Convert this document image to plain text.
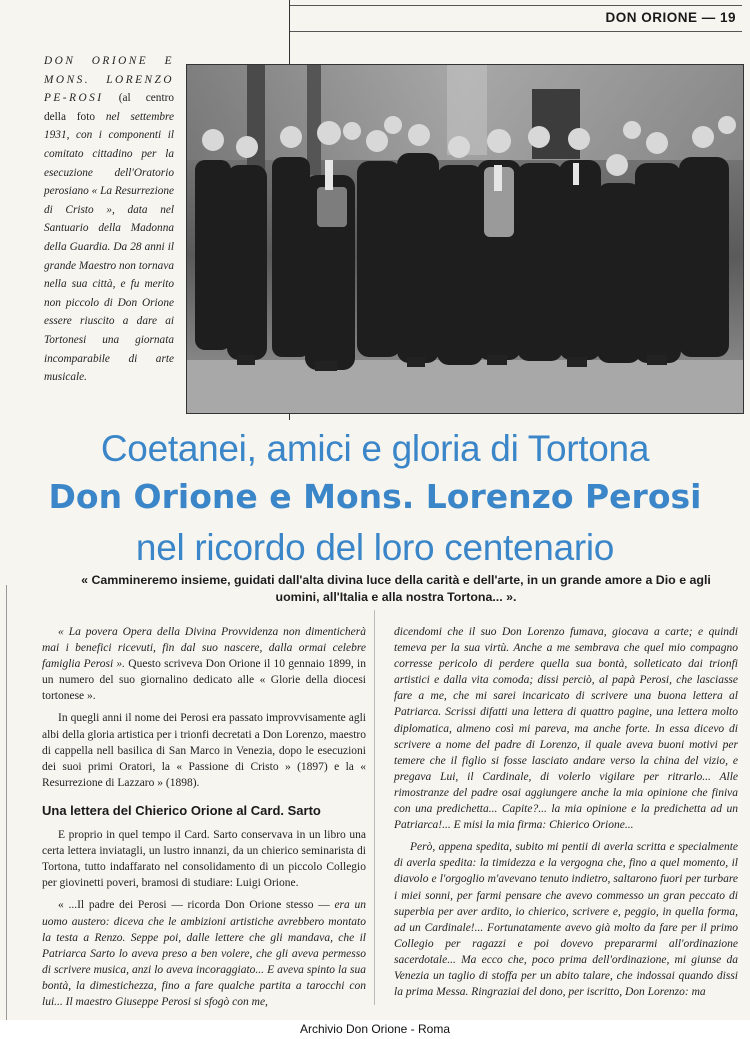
DON ORIONE — 19
DON ORIONE E MONS. LORENZO PE-ROSI (al centro della foto nel settembre 1931, con i componenti il comitato cittadino per la esecuzione dell'Oratorio perosiano « La Resurrezione di Cristo », data nel Santuario della Madonna della Guardia. Da 28 anni il grande Maestro non tornava nella sua città, e fu merito non piccolo di Don Orione essere riuscito a dare ai Tortonesi una giornata incomparabile di arte musicale.
Coetanei, amici e gloria di Tortona
Don Orione e Mons. Lorenzo Perosi
nel ricordo del loro centenario
« Cammineremo insieme, guidati dall'alta divina luce della carità e dell'arte, in un grande amore a Dio e agli uomini, all'Italia e alla nostra Tortona... ».

« La povera Opera della Divina Provvidenza non dimenticherà mai i benefici ricevuti, fin dal suo nascere, dalla ormai celebre famiglia Perosi ». Questo scriveva Don Orione il 10 gennaio 1899, in un numero del suo giornalino dedicato alle « Glorie della diocesi tortonese ».

In quegli anni il nome dei Perosi era passato improvvisamente agli albi della gloria artistica per i trionfi decretati a Don Lorenzo, maestro di cappella nell basilica di San Marco in Venezia, dopo le esecuzioni dei suoi primi Oratori, la « Passione di Cristo » (1897) e la « Resurrezione di Lazzaro » (1898).

Una lettera del Chierico Orione al Card. Sarto

E proprio in quel tempo il Card. Sarto conservava in un libro una certa lettera inviatagli, un lustro innanzi, da un chierico seminarista di Tortona, tutto indaffarato nel consolidamento di un piccolo Collegio per giovinetti poveri, bramosi di studiare: Luigi Orione.

« ...Il padre dei Perosi — ricorda Don Orione stesso — era un uomo austero: diceva che le ambizioni artistiche avrebbero montato la testa a Renzo. Seppe poi, dalle lettere che gli mandava, che il Patriarca Sarto lo aveva preso a ben volere, che gli aveva permesso di scrivere musica, anzi lo aveva incoraggiato... E aveva spinto la sua bontà, la dimestichezza, fino a fare qualche partita a tarocchi con lui... Il maestro Giuseppe Perosi si sfogò con me,

dicendomi che il suo Don Lorenzo fumava, giocava a carte; e quindi temeva per la sua virtù. Anche a me sembrava che quel mio compagno corresse pericolo di perdere quella sua bontà, solleticato dai trionfi artistici e dalla vita comoda; dissi perciò, al papà Perosi, che lasciasse fare a me, che mi sarei incaricato di scrivere una buona lettera al Patriarca. Scrissi difatti una lettera di quattro pagine, una lettera molto diplomatica, almeno così mi pareva, ma anche forte. In essa dicevo di scrivere a nome del padre di Lorenzo, il quale aveva buoni motivi per temere che il figlio si fosse lasciato andare verso la china del vizio, e pregava Lui, il Cardinale, di volerlo vigilare per ritrarlo... Alle rimostranze del padre osai aggiungere anche la mia opinione che finiva con una predichetta... Capite?... la mia opinione e la predichetta ad un Patriarca!... E misi la mia firma: Chierico Orione...

Però, appena spedita, subito mi pentii di averla scritta e specialmente di averla spedita: la timidezza e la vergogna che, fino a quel momento, il diavolo e l'orgoglio m'avevano tenuto indietro, saltarono fuori per turbare i miei sonni, per farmi pensare che avevo commesso un gran peccato di superbia per aver ardito, io chierico, scrivere e, peggio, in quella forma, ad un Cardinale!... Fortunatamente avevo già molto da fare per il primo Collegio per ragazzi e poi dovevo prepararmi all'ordinazione sacerdotale... Ma ecco che, poco prima dell'ordinazione, mi giunse da Venezia un taglio di stoffa per un abito talare, che indossai quando dissi la prima Messa. Ringraziai del dono, per iscritto, Don Lorenzo: ma

Archivio Don Orione - Roma
